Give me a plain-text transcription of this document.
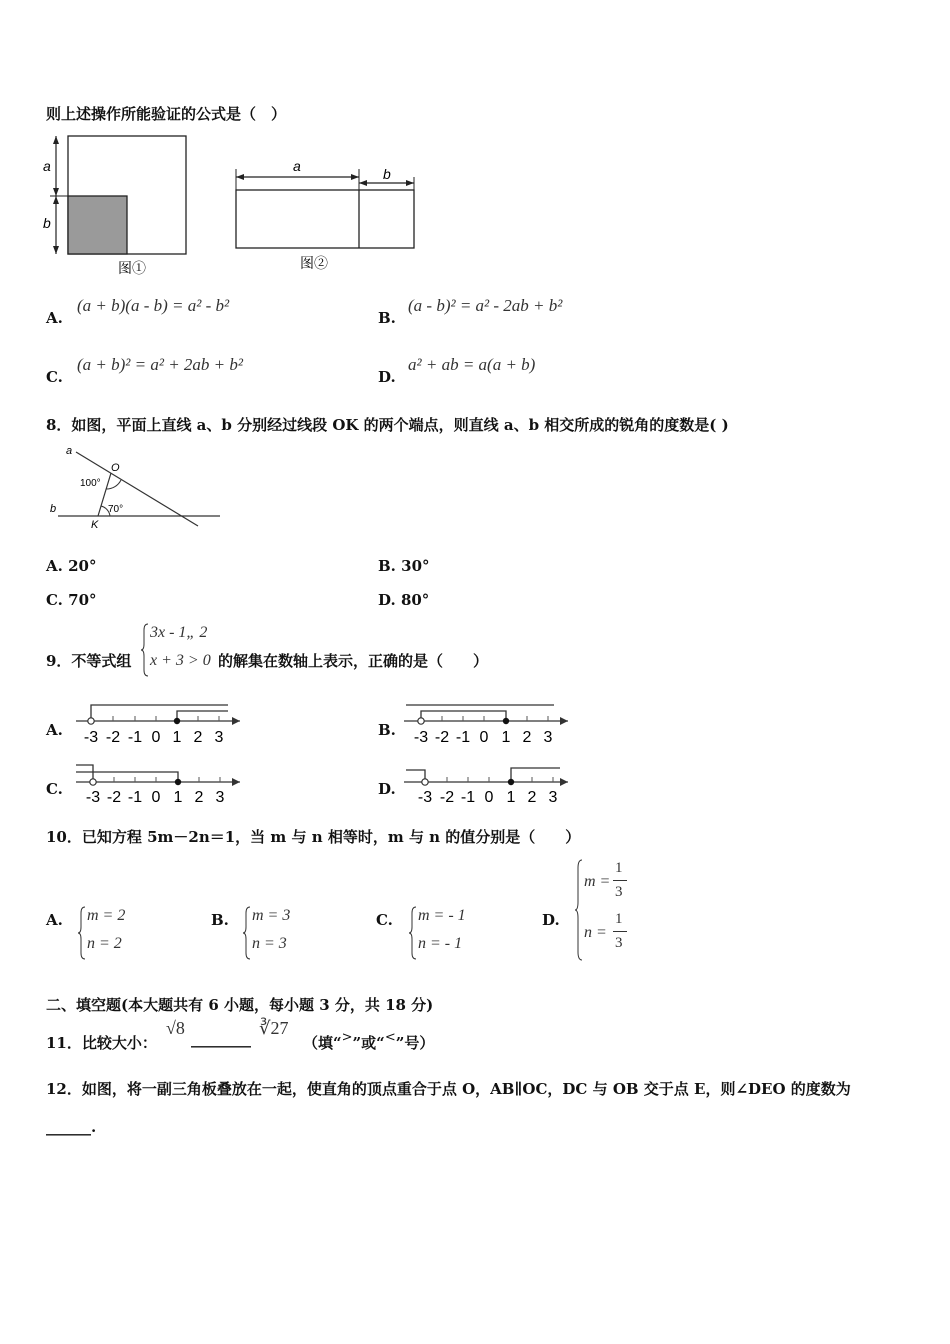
则上述操作所能验证的公式是（　）
a
b
图①
a	b
图②
A.
(a + b)(a - b) = a² - b²
B.
(a - b)² = a² - 2ab + b²
C.
(a + b)² = a² + 2ab + b²
D.
a² + ab = a(a + b)
8．如图，平面上直线 a、b 分别经过线段 OK 的两个端点，则直线 a、b 相交所成的锐角的度数是( )
a
b
O
K
100°
70°
A. 20°	B. 30°
C. 70°	D. 80°
9．不等式组
3x - 1„ 2
x + 3 > 0 的解集在数轴上表示，正确的是（　　）
A. -3 -2 -1 0 1 2 3	B. -3 -2 -1 0 1 2 3
C. -3 -2 -1 0 1 2 3	D. -3 -2 -1 0 1 2 3
10．已知方程 5m－2n＝1，当 m 与 n 相等时，m 与 n 的值分别是（　　）
A. m = 2
n = 2
B. m = 3
n = 3
C. m = - 1
n = - 1
D.
m =
1
3
n =
1
3
二、填空题(本大题共有 6 小题，每小题 3 分，共 18 分)
11．比较大小：
√8
________
∛27
（填“>”或“<”号）
12．如图，将一副三角板叠放在一起，使直角的顶点重合于点 O，AB∥OC，DC 与 OB 交于点 E，则∠DEO 的度数为
______.
